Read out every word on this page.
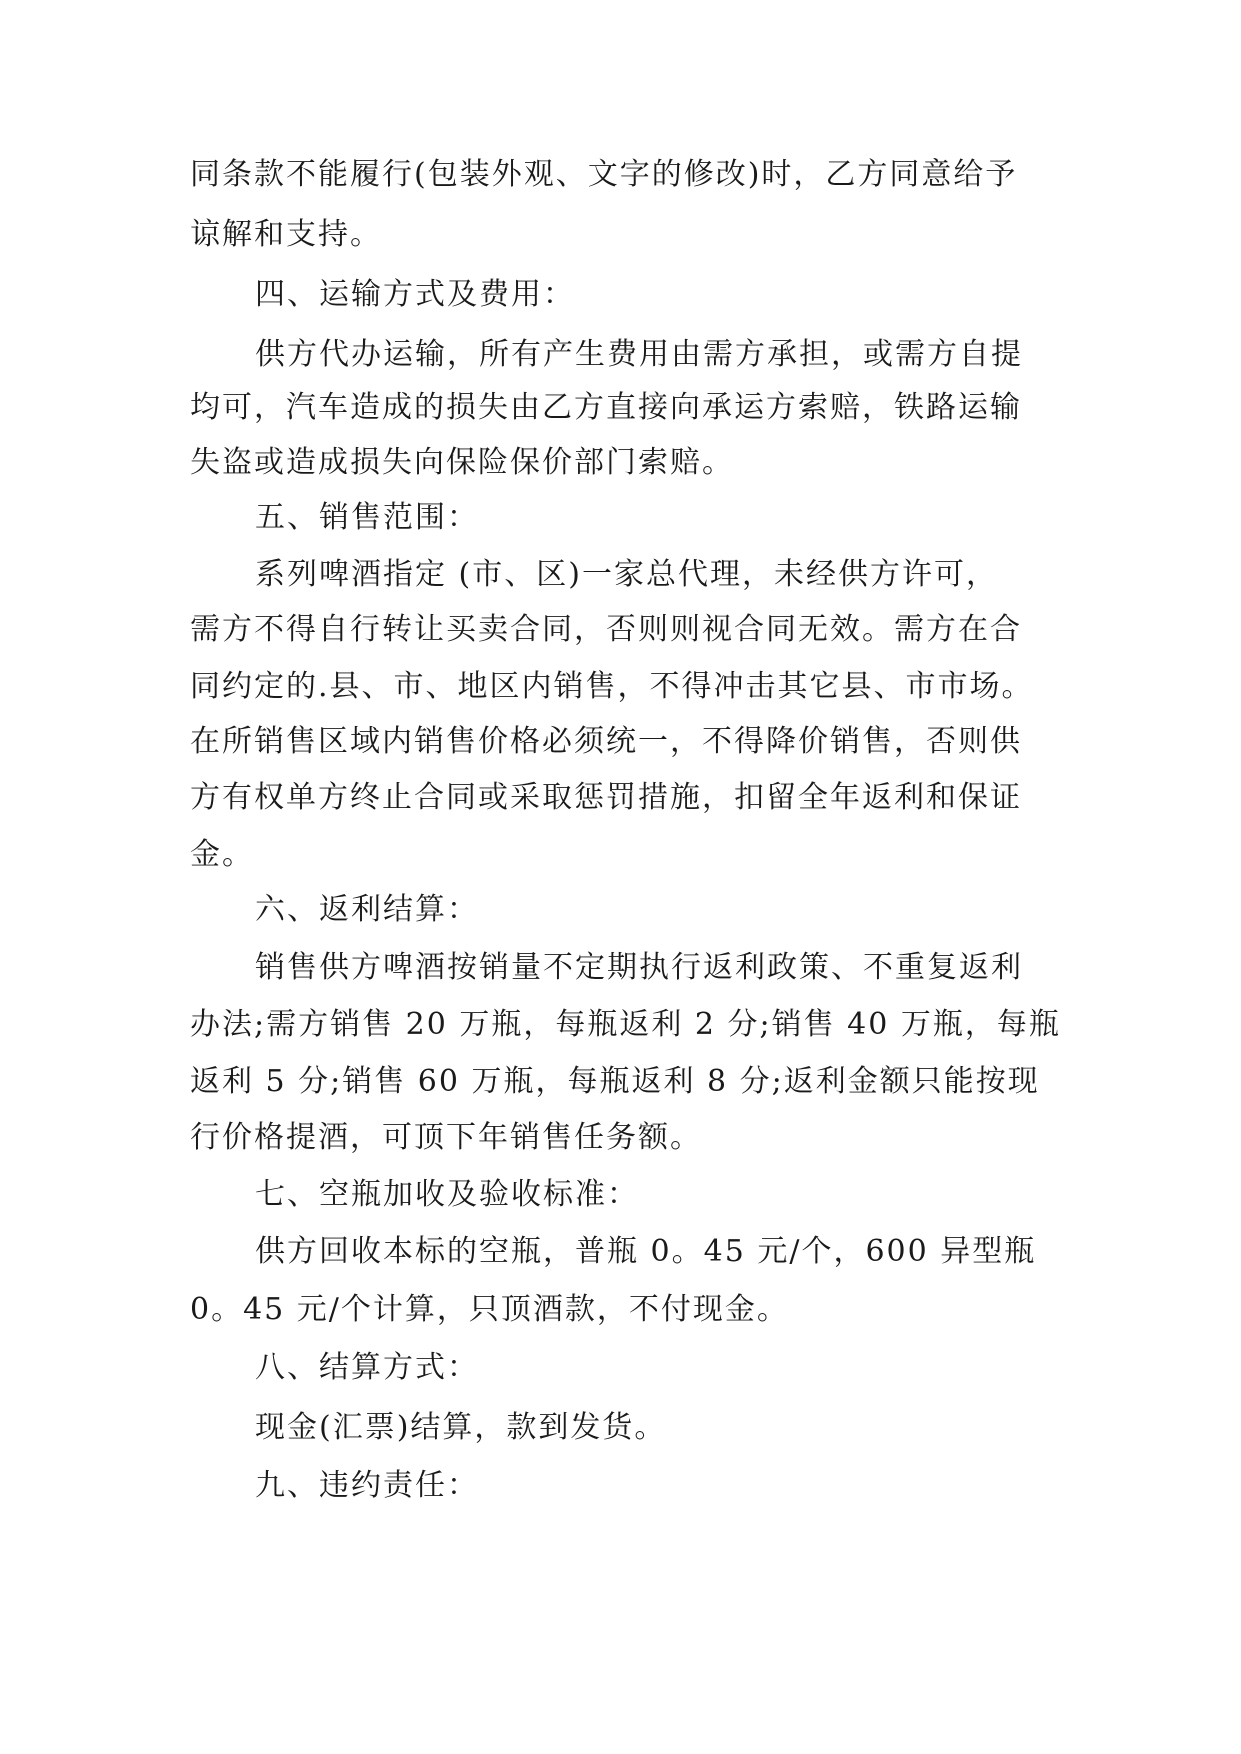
同条款不能履行(包装外观、文字的修改)时，乙方同意给予
谅解和支持。
四、运输方式及费用：
供方代办运输，所有产生费用由需方承担，或需方自提
均可，汽车造成的损失由乙方直接向承运方索赔，铁路运输
失盗或造成损失向保险保价部门索赔。
五、销售范围：
系列啤酒指定 (市、区)一家总代理，未经供方许可，
需方不得自行转让买卖合同，否则则视合同无效。需方在合
同约定的.县、市、地区内销售，不得冲击其它县、市市场。
在所销售区域内销售价格必须统一，不得降价销售，否则供
方有权单方终止合同或采取惩罚措施，扣留全年返利和保证
金。
六、返利结算：
销售供方啤酒按销量不定期执行返利政策、不重复返利
办法;需方销售 20 万瓶，每瓶返利 2 分;销售 40 万瓶，每瓶
返利 5 分;销售 60 万瓶，每瓶返利 8 分;返利金额只能按现
行价格提酒，可顶下年销售任务额。
七、空瓶加收及验收标准：
供方回收本标的空瓶，普瓶 0。45 元/个，600 异型瓶
0。45 元/个计算，只顶酒款，不付现金。
八、结算方式：
现金(汇票)结算，款到发货。
九、违约责任：
